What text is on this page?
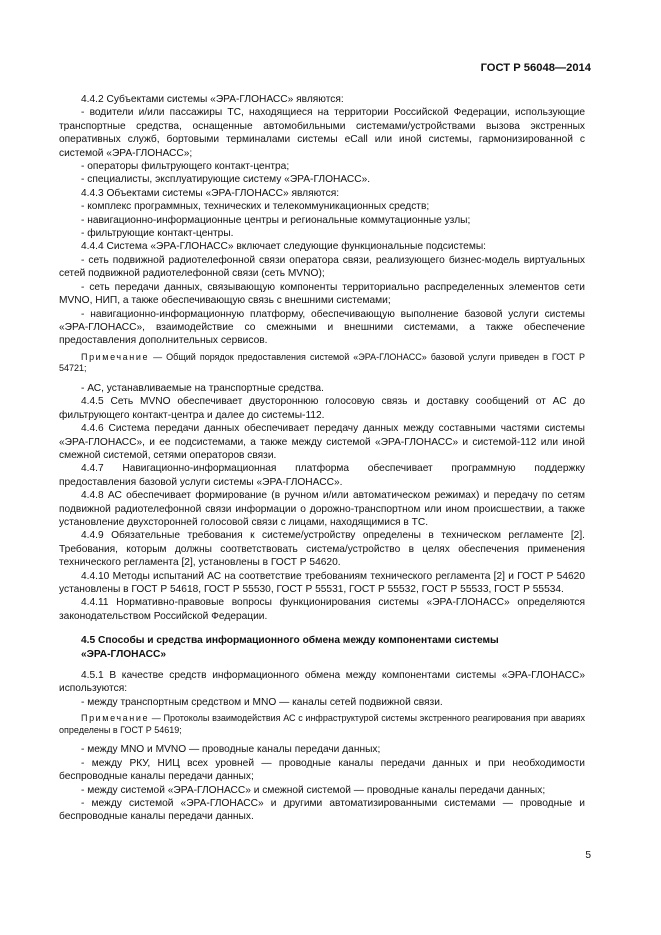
ГОСТ Р 56048—2014

4.4.2 Субъектами системы «ЭРА-ГЛОНАСС» являются:

- водители и/или пассажиры ТС, находящиеся на территории Российской Федерации, использующие транспортные средства, оснащенные автомобильными системами/устройствами вызова экстренных оперативных служб, бортовыми терминалами системы eCall или иной системы, гармонизированной с системой «ЭРА-ГЛОНАСС»;

- операторы фильтрующего контакт-центра;

- специалисты, эксплуатирующие систему «ЭРА-ГЛОНАСС».

4.4.3 Объектами системы «ЭРА-ГЛОНАСС» являются:

- комплекс программных, технических и телекоммуникационных средств;

- навигационно-информационные центры и региональные коммутационные узлы;

- фильтрующие контакт-центры.

4.4.4 Система «ЭРА-ГЛОНАСС» включает следующие функциональные подсистемы:

- сеть подвижной радиотелефонной связи оператора связи, реализующего бизнес-модель виртуальных сетей подвижной радиотелефонной связи (сеть MVNO);

- сеть передачи данных, связывающую компоненты территориально распределенных элементов сети MVNO, НИП, а также обеспечивающую связь с внешними системами;

- навигационно-информационную платформу, обеспечивающую выполнение базовой услуги системы «ЭРА-ГЛОНАСС», взаимодействие со смежными и внешними системами, а также обеспечение предоставления дополнительных сервисов.

Примечание — Общий порядок предоставления системой «ЭРА-ГЛОНАСС» базовой услуги приведен в ГОСТ Р 54721;

- АС, устанавливаемые на транспортные средства.

4.4.5 Сеть MVNO обеспечивает двустороннюю голосовую связь и доставку сообщений от АС до фильтрующего контакт-центра и далее до системы-112.

4.4.6 Система передачи данных обеспечивает передачу данных между составными частями системы «ЭРА-ГЛОНАСС», и ее подсистемами, а также между системой «ЭРА-ГЛОНАСС» и системой-112 или иной смежной системой, сетями операторов связи.

4.4.7 Навигационно-информационная платформа обеспечивает программную поддержку предоставления базовой услуги системы «ЭРА-ГЛОНАСС».

4.4.8 АС обеспечивает формирование (в ручном и/или автоматическом режимах) и передачу по сетям подвижной радиотелефонной связи информации о дорожно-транспортном или ином происшествии, а также установление двухсторонней голосовой связи с лицами, находящимися в ТС.

4.4.9 Обязательные требования к системе/устройству определены в техническом регламенте [2]. Требования, которым должны соответствовать система/устройство в целях обеспечения применения технического регламента [2], установлены в ГОСТ Р 54620.

4.4.10 Методы испытаний АС на соответствие требованиям технического регламента [2] и ГОСТ Р 54620 установлены в ГОСТ Р 54618, ГОСТ Р 55530, ГОСТ Р 55531, ГОСТ Р 55532, ГОСТ Р 55533, ГОСТ Р 55534.

4.4.11 Нормативно-правовые вопросы функционирования системы «ЭРА-ГЛОНАСС» определяются законодательством Российской Федерации.

4.5 Способы и средства информационного обмена между компонентами системы
«ЭРА-ГЛОНАСС»

4.5.1 В качестве средств информационного обмена между компонентами системы «ЭРА-ГЛОНАСС» используются:

- между транспортным средством и MNO — каналы сетей подвижной связи.

Примечание — Протоколы взаимодействия АС с инфраструктурой системы экстренного реагирования при авариях определены в ГОСТ Р 54619;

- между MNO и MVNO — проводные каналы передачи данных;

- между РКУ, НИЦ всех уровней — проводные каналы передачи данных и при необходимости беспроводные каналы передачи данных;

- между системой «ЭРА-ГЛОНАСС» и смежной системой — проводные каналы передачи данных;

- между системой «ЭРА-ГЛОНАСС» и другими автоматизированными системами — проводные и беспроводные каналы передачи данных.

5
